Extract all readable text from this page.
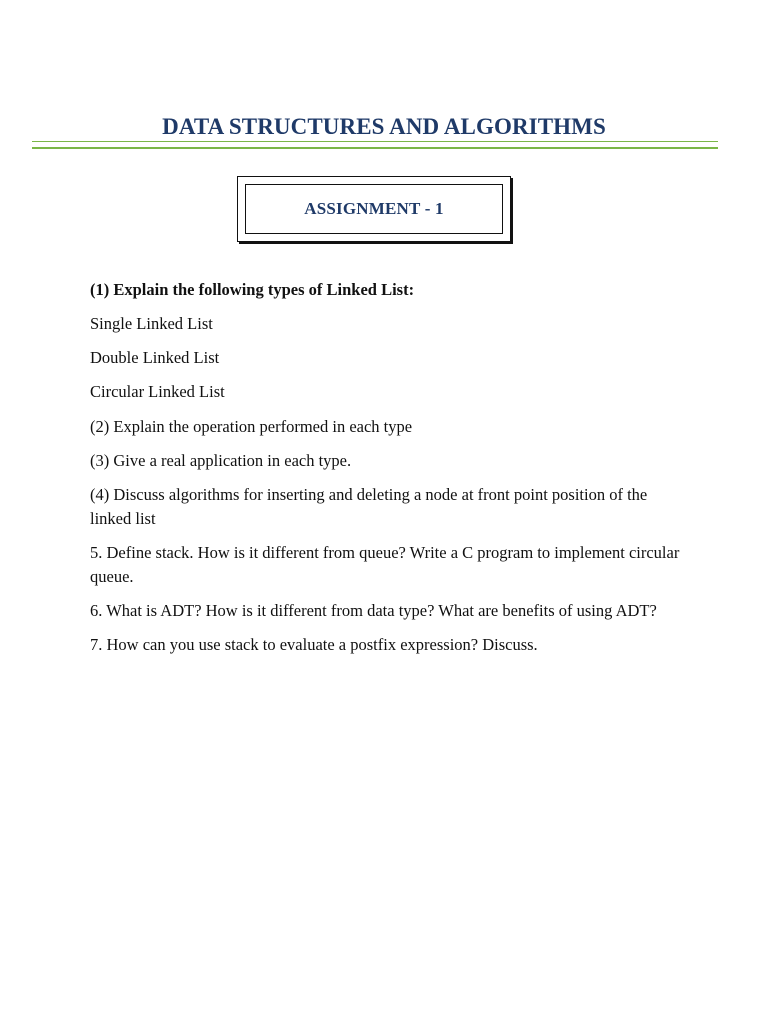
DATA STRUCTURES AND ALGORITHMS
ASSIGNMENT - 1

(1) Explain the following types of Linked List:

Single Linked List

Double Linked List

Circular Linked List

(2) Explain the operation performed in each type

(3) Give a real application in each type.

(4) Discuss algorithms for inserting and deleting a node at front point position of the linked list

5. Define stack. How is it different from queue? Write a C program to implement circular queue.

6. What is ADT? How is it different from data type? What are benefits of using ADT?

7. How can you use stack to evaluate a postfix expression? Discuss.
